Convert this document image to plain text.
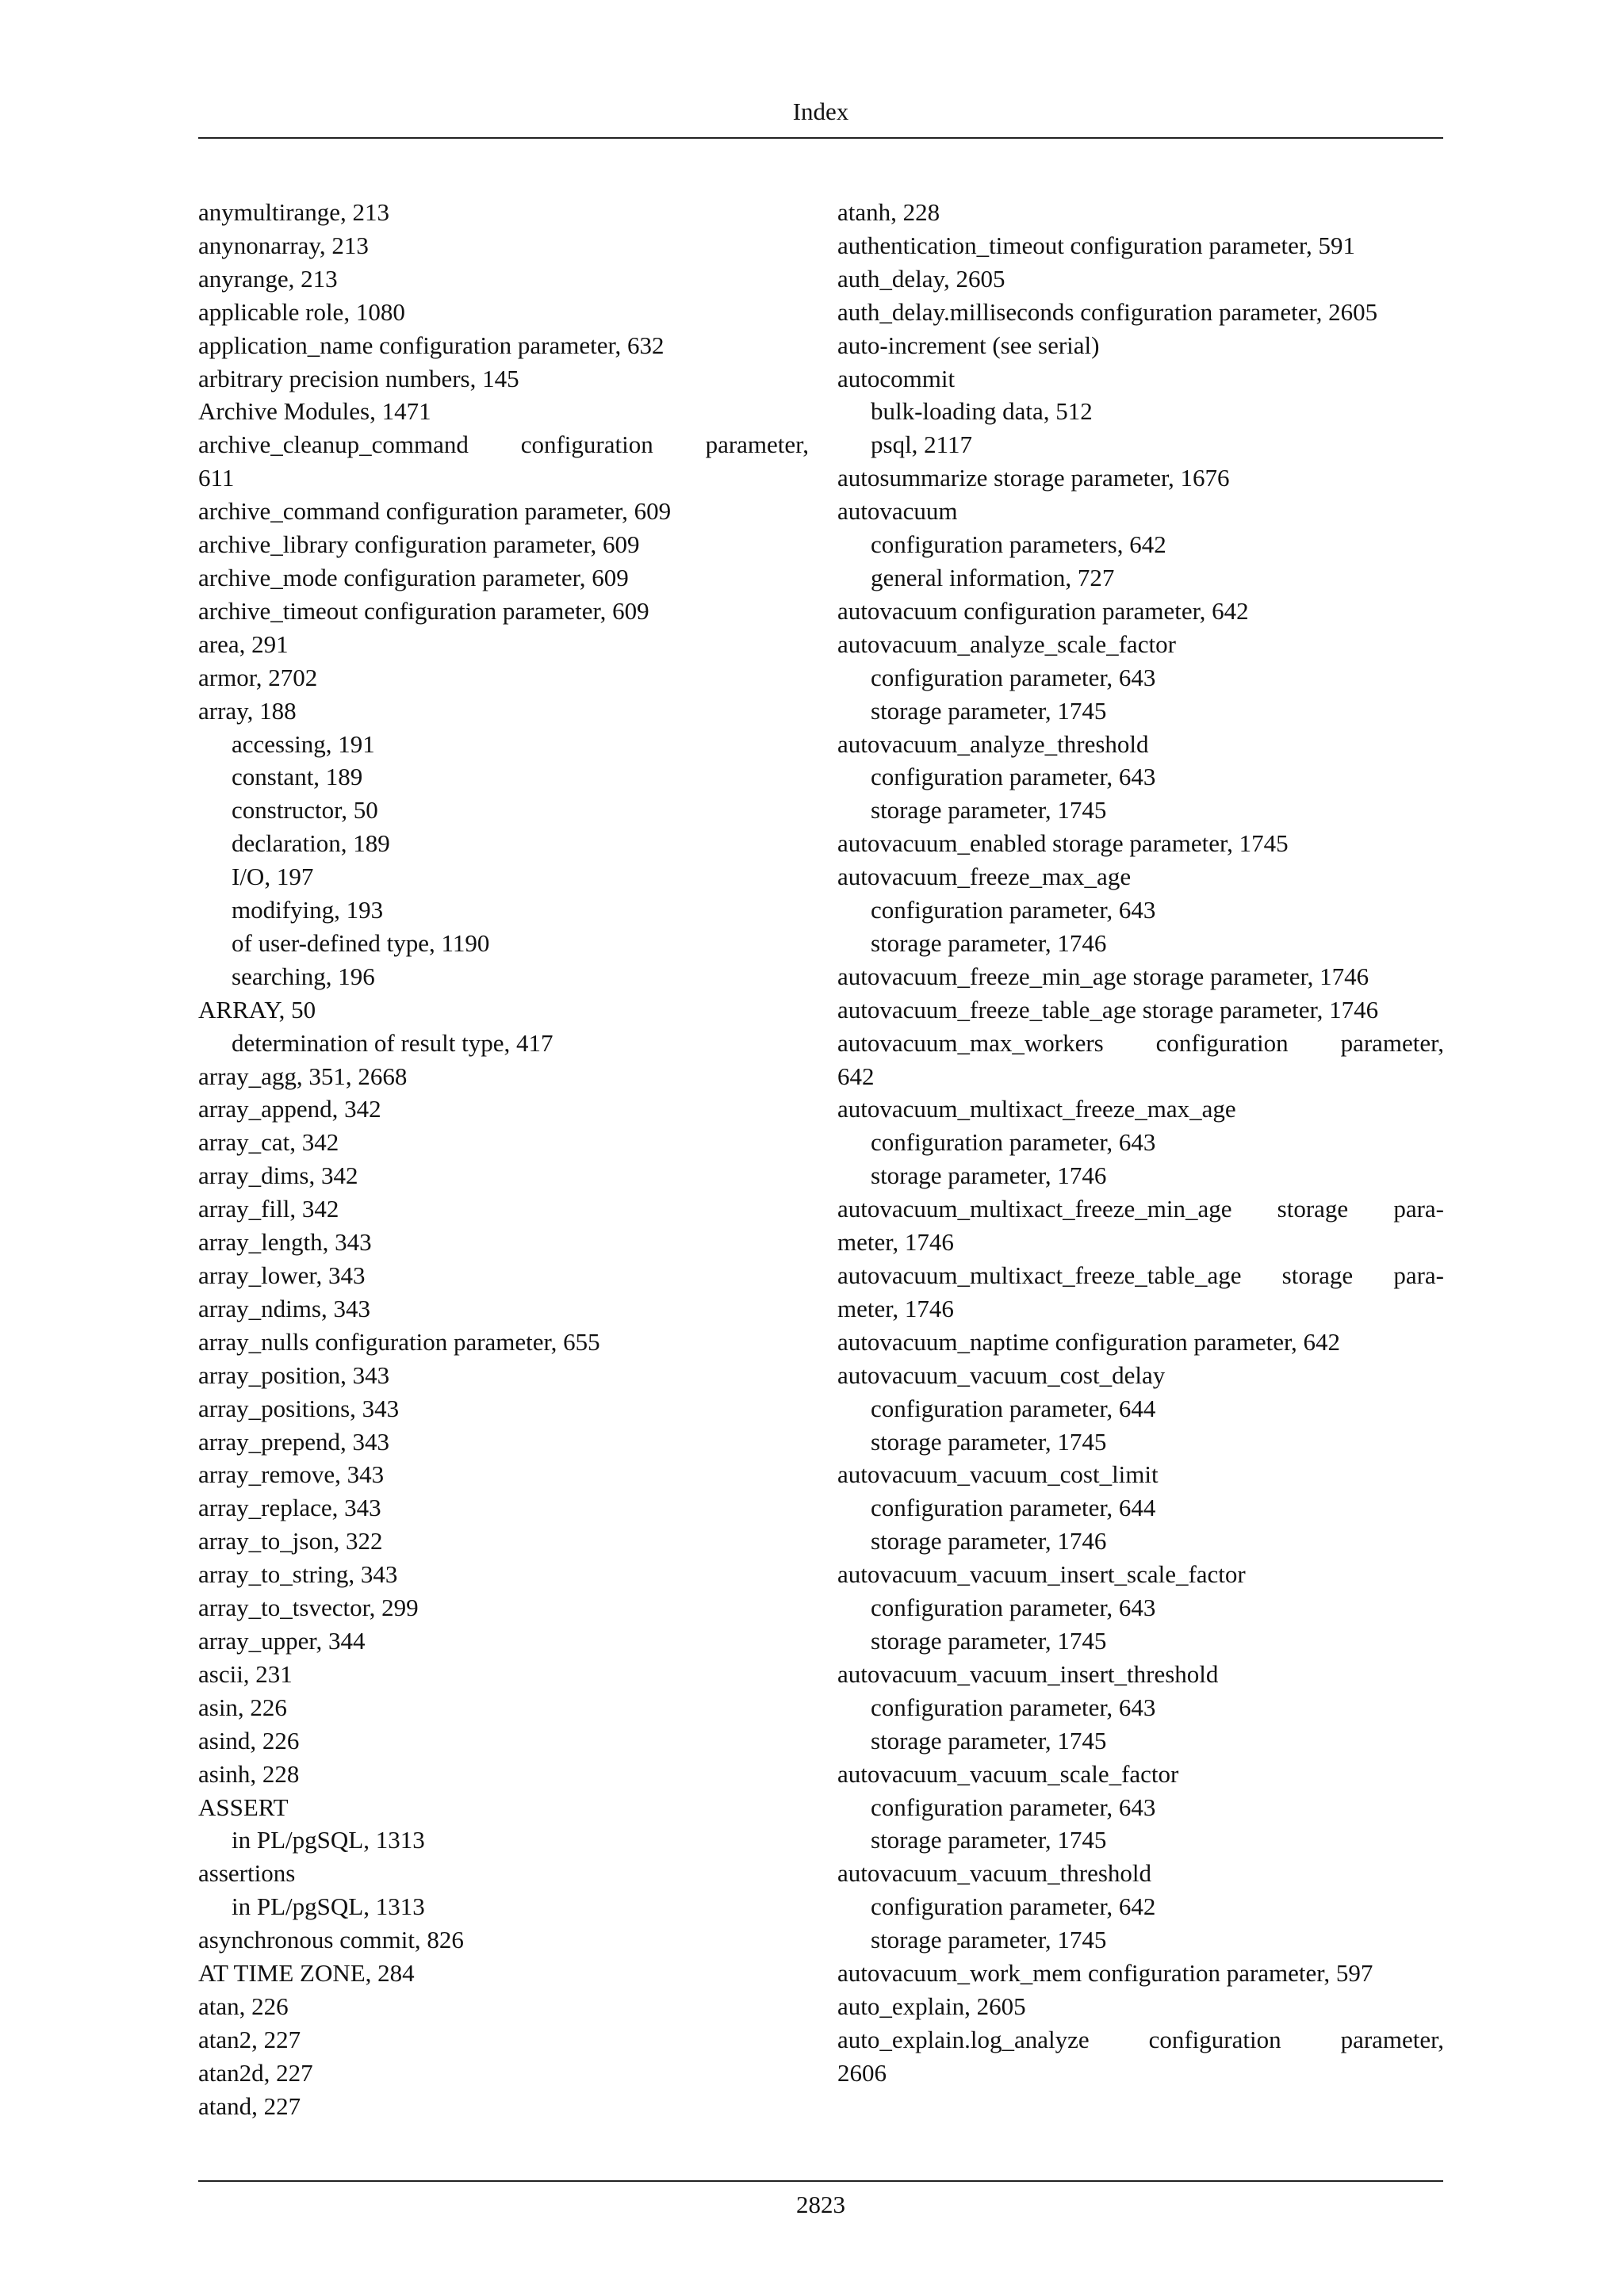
Index

anymultirange, 213

anynonarray, 213

anyrange, 213

applicable role, 1080

application_name configuration parameter, 632

arbitrary precision numbers, 145

Archive Modules, 1471

archive_cleanup_command configuration parameter,

611

archive_command configuration parameter, 609

archive_library configuration parameter, 609

archive_mode configuration parameter, 609

archive_timeout configuration parameter, 609

area, 291

armor, 2702

array, 188

accessing, 191

constant, 189

constructor, 50

declaration, 189

I/O, 197

modifying, 193

of user-defined type, 1190

searching, 196

ARRAY, 50

determination of result type, 417

array_agg, 351, 2668

array_append, 342

array_cat, 342

array_dims, 342

array_fill, 342

array_length, 343

array_lower, 343

array_ndims, 343

array_nulls configuration parameter, 655

array_position, 343

array_positions, 343

array_prepend, 343

array_remove, 343

array_replace, 343

array_to_json, 322

array_to_string, 343

array_to_tsvector, 299

array_upper, 344

ascii, 231

asin, 226

asind, 226

asinh, 228

ASSERT

in PL/pgSQL, 1313

assertions

in PL/pgSQL, 1313

asynchronous commit, 826

AT TIME ZONE, 284

atan, 226

atan2, 227

atan2d, 227

atand, 227

atanh, 228

authentication_timeout configuration parameter, 591

auth_delay, 2605

auth_delay.milliseconds configuration parameter, 2605

auto-increment (see serial)

autocommit

bulk-loading data, 512

psql, 2117

autosummarize storage parameter, 1676

autovacuum

configuration parameters, 642

general information, 727

autovacuum configuration parameter, 642

autovacuum_analyze_scale_factor

configuration parameter, 643

storage parameter, 1745

autovacuum_analyze_threshold

configuration parameter, 643

storage parameter, 1745

autovacuum_enabled storage parameter, 1745

autovacuum_freeze_max_age

configuration parameter, 643

storage parameter, 1746

autovacuum_freeze_min_age storage parameter, 1746

autovacuum_freeze_table_age storage parameter, 1746

autovacuum_max_workers configuration parameter,

642

autovacuum_multixact_freeze_max_age

configuration parameter, 643

storage parameter, 1746

autovacuum_multixact_freeze_min_age storage para-

meter, 1746

autovacuum_multixact_freeze_table_age storage para-

meter, 1746

autovacuum_naptime configuration parameter, 642

autovacuum_vacuum_cost_delay

configuration parameter, 644

storage parameter, 1745

autovacuum_vacuum_cost_limit

configuration parameter, 644

storage parameter, 1746

autovacuum_vacuum_insert_scale_factor

configuration parameter, 643

storage parameter, 1745

autovacuum_vacuum_insert_threshold

configuration parameter, 643

storage parameter, 1745

autovacuum_vacuum_scale_factor

configuration parameter, 643

storage parameter, 1745

autovacuum_vacuum_threshold

configuration parameter, 642

storage parameter, 1745

autovacuum_work_mem configuration parameter, 597

auto_explain, 2605

auto_explain.log_analyze configuration parameter,

2606

2823
